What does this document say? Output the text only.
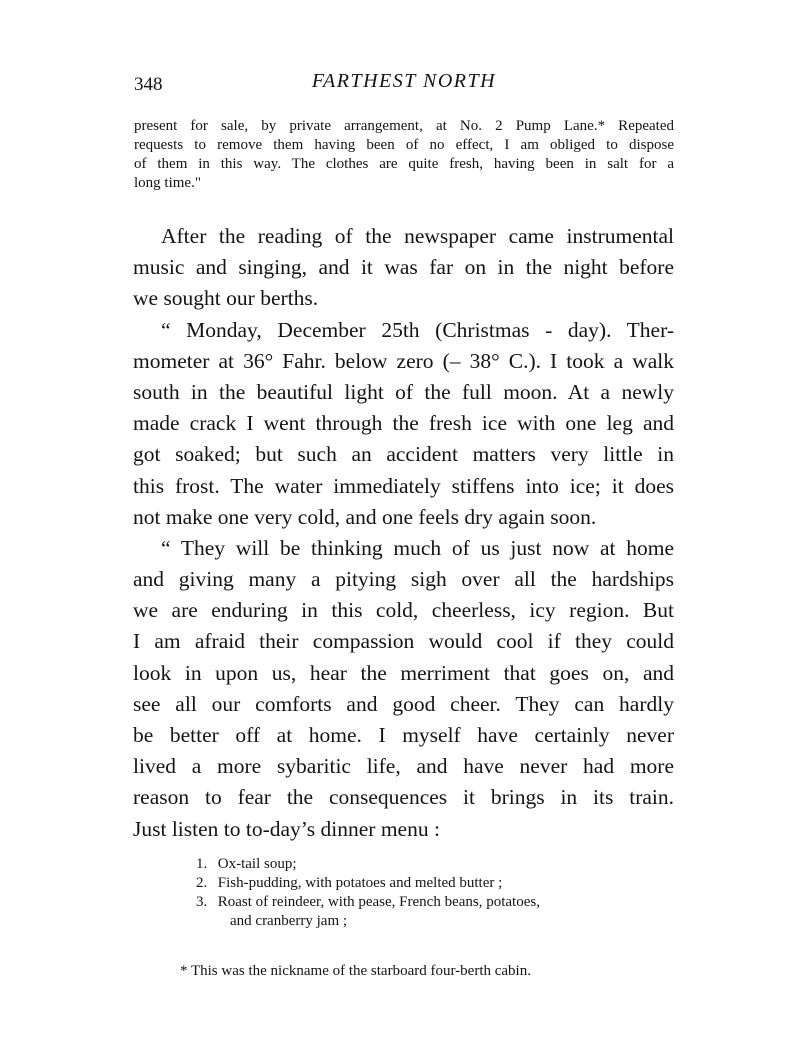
348	FARTHEST NORTH
present for sale, by private arrangement, at No. 2 Pump Lane.* Repeated
requests to remove them having been of no effect, I am obliged to dispose
of them in this way. The clothes are quite fresh, having been in salt for a
long time."
After the reading of the newspaper came instrumental
music and singing, and it was far on in the night before
we sought our berths.
“ Monday, December 25th (Christmas - day). Ther-
mometer at 36° Fahr. below zero (– 38° C.). I took a walk
south in the beautiful light of the full moon. At a newly
made crack I went through the fresh ice with one leg and
got soaked; but such an accident matters very little in
this frost. The water immediately stiffens into ice; it does
not make one very cold, and one feels dry again soon.
“ They will be thinking much of us just now at home
and giving many a pitying sigh over all the hardships
we are enduring in this cold, cheerless, icy region. But
I am afraid their compassion would cool if they could
look in upon us, hear the merriment that goes on, and
see all our comforts and good cheer. They can hardly
be better off at home. I myself have certainly never
lived a more sybaritic life, and have never had more
reason to fear the consequences it brings in its train.
Just listen to to-day’s dinner menu :
1. Ox-tail soup;
2. Fish-pudding, with potatoes and melted butter ;
3. Roast of reindeer, with pease, French beans, potatoes,
and cranberry jam ;
* This was the nickname of the starboard four-berth cabin.
